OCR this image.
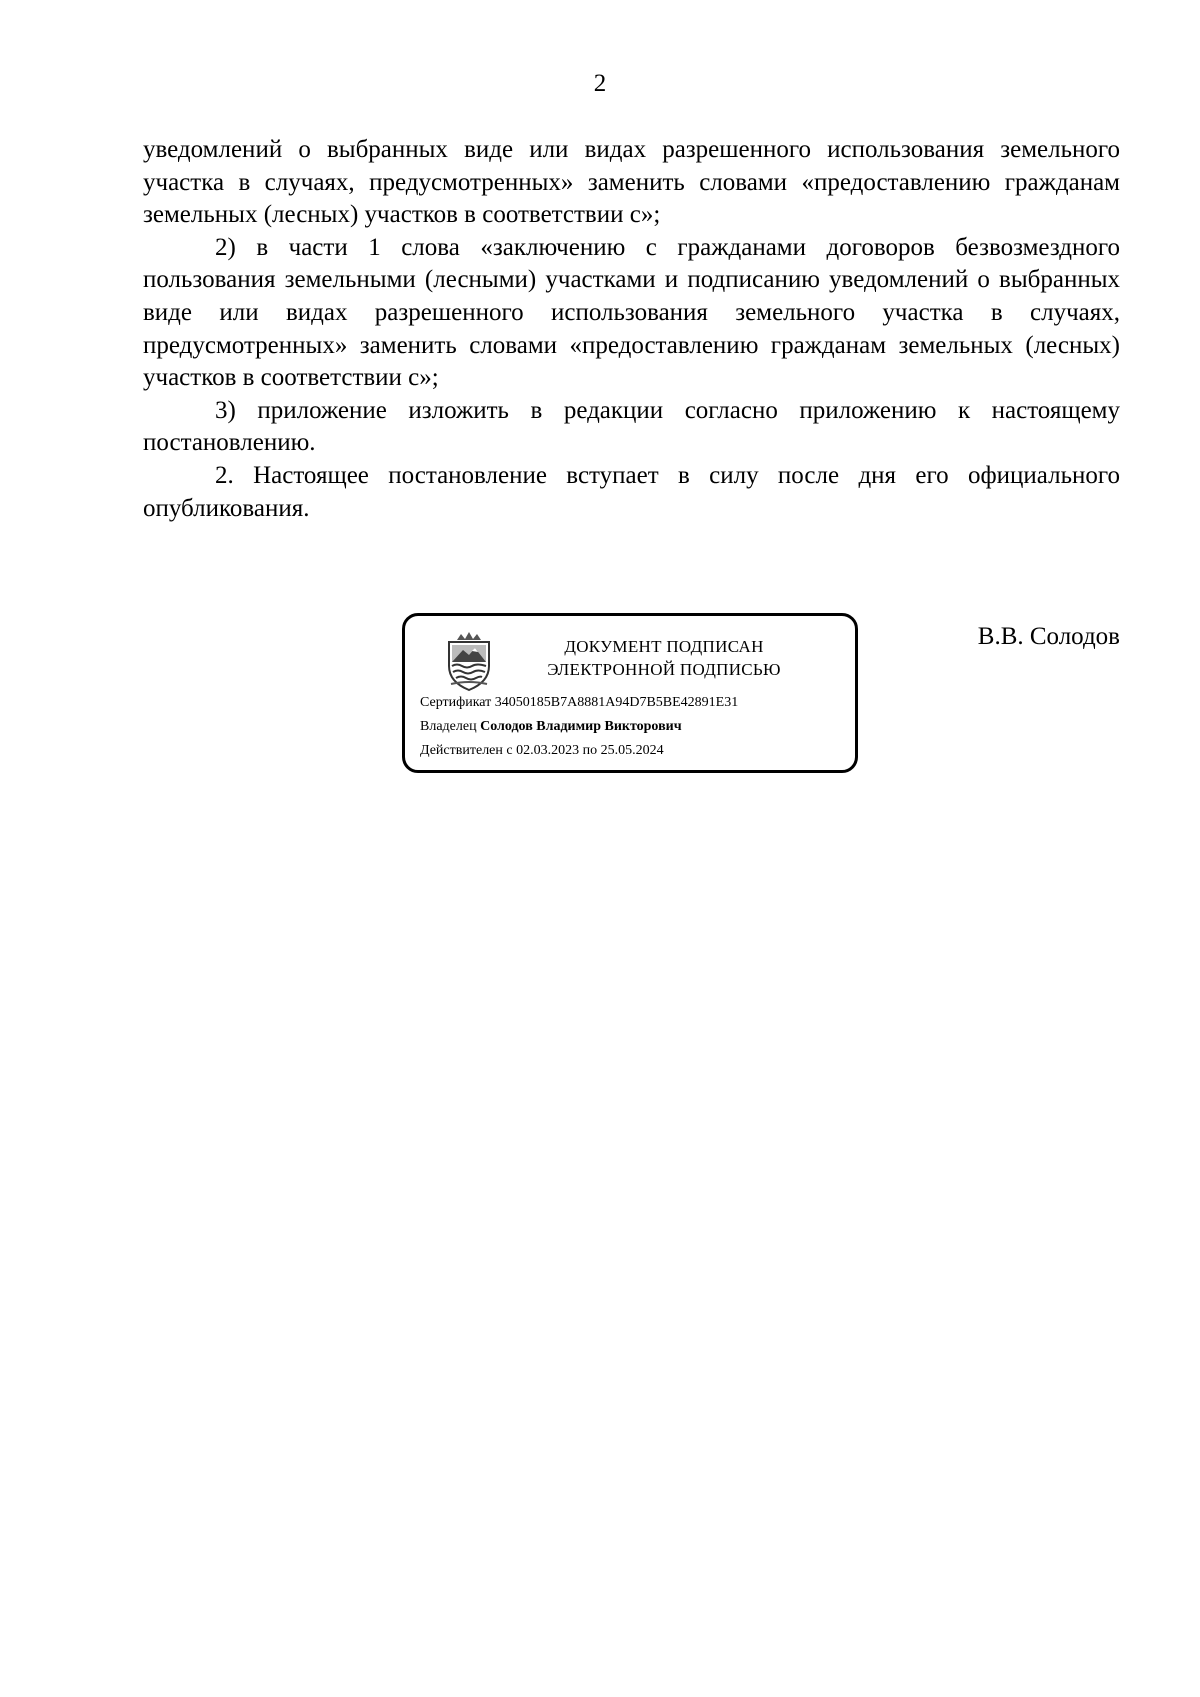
2

уведомлений о выбранных виде или видах разрешенного использования земельного участка в случаях, предусмотренных» заменить словами «предоставлению гражданам земельных (лесных) участков в соответствии с»;

2) в части 1 слова «заключению с гражданами договоров безвозмездного пользования земельными (лесными) участками и подписанию уведомлений о выбранных виде или видах разрешенного использования земельного участка в случаях, предусмотренных» заменить словами «предоставлению гражданам земельных (лесных) участков в соответствии с»;

3) приложение изложить в редакции согласно приложению к настоящему постановлению.

2. Настоящее постановление вступает в силу после дня его официального опубликования.

ДОКУМЕНТ ПОДПИСАН
ЭЛЕКТРОННОЙ ПОДПИСЬЮ
Сертификат 34050185B7A8881A94D7B5BE42891E31
Владелец Солодов Владимир Викторович
Действителен с 02.03.2023 по 25.05.2024
В.В. Солодов
